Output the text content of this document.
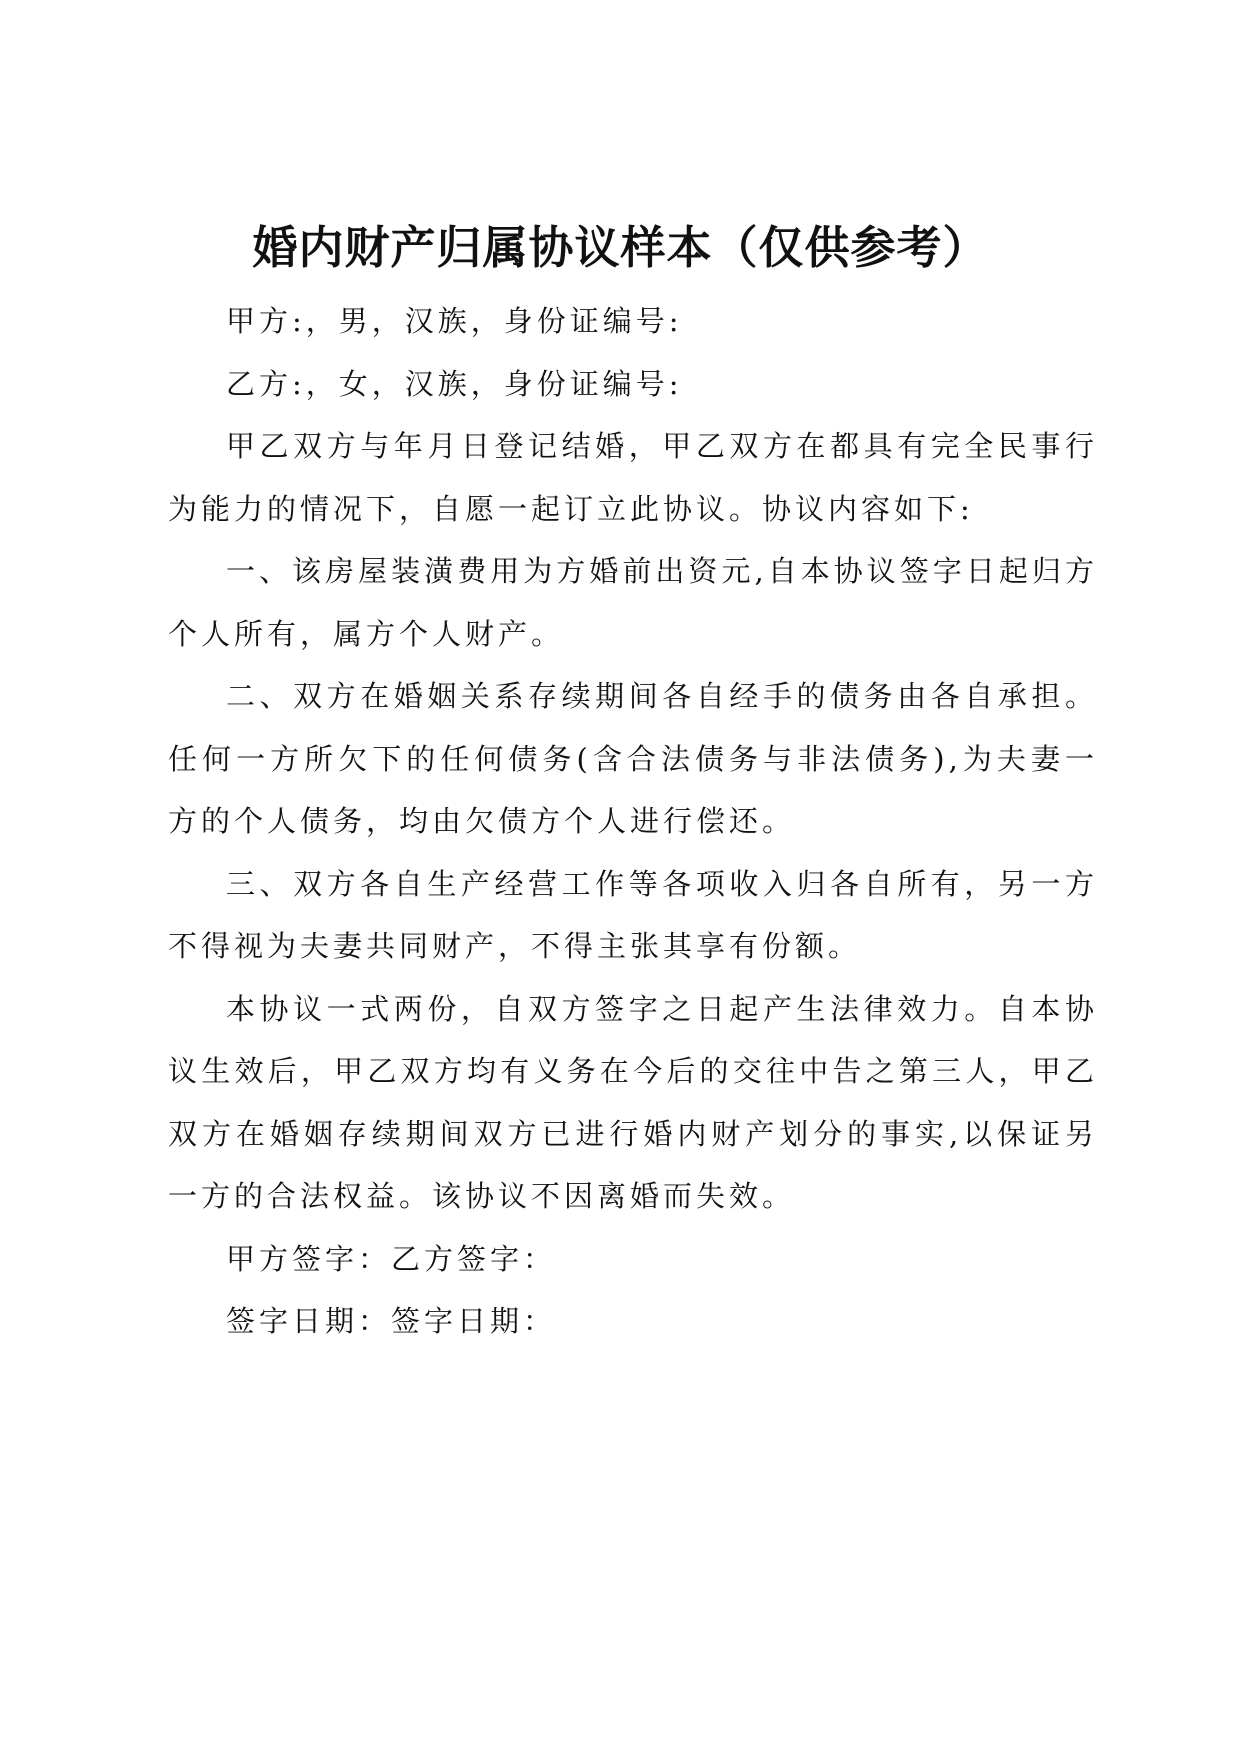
婚内财产归属协议样本（仅供参考）

甲方:，男，汉族，身份证编号:

乙方:，女，汉族，身份证编号:

甲乙双方与年月日登记结婚，甲乙双方在都具有完全民事行为能力的情况下，自愿一起订立此协议。协议内容如下:

一、该房屋装潢费用为方婚前出资元,自本协议签字日起归方个人所有，属方个人财产。

二、双方在婚姻关系存续期间各自经手的债务由各自承担。任何一方所欠下的任何债务(含合法债务与非法债务),为夫妻一方的个人债务，均由欠债方个人进行偿还。

三、双方各自生产经营工作等各项收入归各自所有，另一方不得视为夫妻共同财产，不得主张其享有份额。

本协议一式两份，自双方签字之日起产生法律效力。自本协议生效后，甲乙双方均有义务在今后的交往中告之第三人，甲乙双方在婚姻存续期间双方已进行婚内财产划分的事实,以保证另一方的合法权益。该协议不因离婚而失效。

甲方签字：乙方签字：

签字日期：签字日期：
